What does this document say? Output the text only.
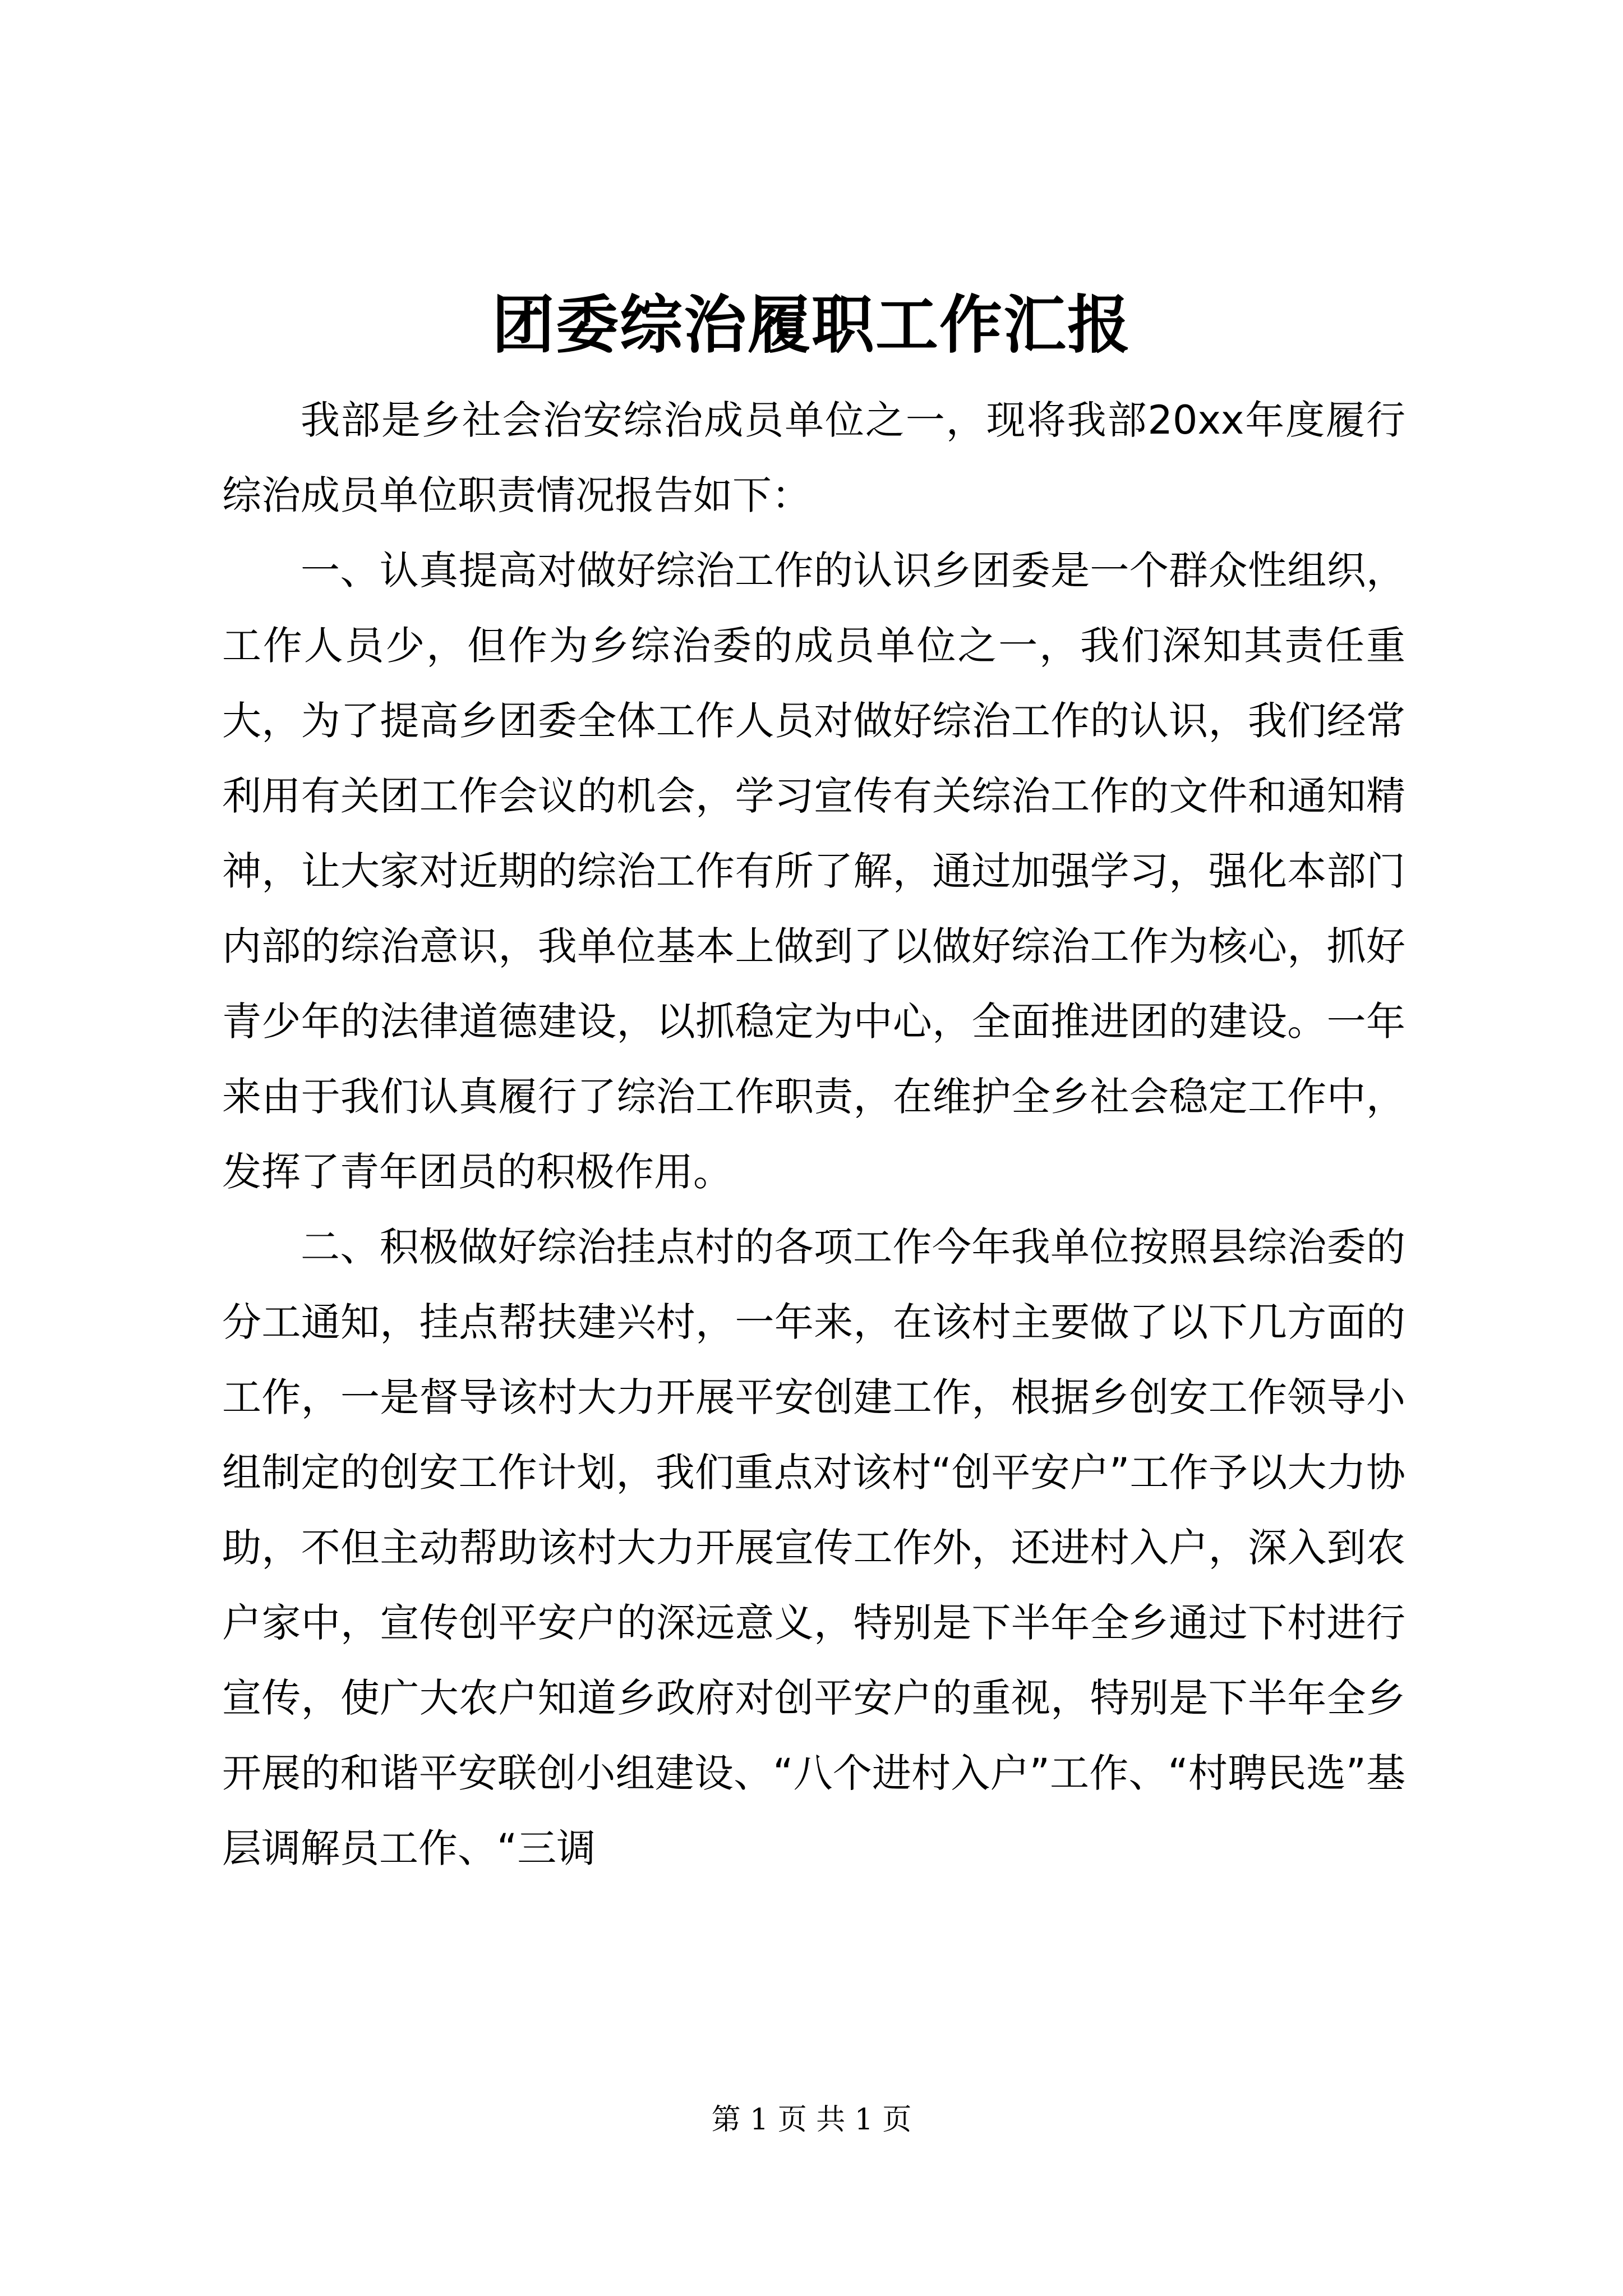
团委综治履职工作汇报

我部是乡社会治安综治成员单位之一，现将我部20xx年度履行综治成员单位职责情况报告如下：

一、认真提高对做好综治工作的认识乡团委是一个群众性组织，工作人员少，但作为乡综治委的成员单位之一，我们深知其责任重大，为了提高乡团委全体工作人员对做好综治工作的认识，我们经常利用有关团工作会议的机会，学习宣传有关综治工作的文件和通知精神，让大家对近期的综治工作有所了解，通过加强学习，强化本部门内部的综治意识，我单位基本上做到了以做好综治工作为核心，抓好青少年的法律道德建设，以抓稳定为中心，全面推进团的建设。一年来由于我们认真履行了综治工作职责，在维护全乡社会稳定工作中，发挥了青年团员的积极作用。

二、积极做好综治挂点村的各项工作今年我单位按照县综治委的分工通知，挂点帮扶建兴村，一年来，在该村主要做了以下几方面的工作，一是督导该村大力开展平安创建工作，根据乡创安工作领导小组制定的创安工作计划，我们重点对该村“创平安户”工作予以大力协助，不但主动帮助该村大力开展宣传工作外，还进村入户，深入到农户家中，宣传创平安户的深远意义，特别是下半年全乡通过下村进行宣传，使广大农户知道乡政府对创平安户的重视，特别是下半年全乡开展的和谐平安联创小组建设、“八个进村入户”工作、“村聘民选”基层调解员工作、“三调

第 1 页 共 1 页
